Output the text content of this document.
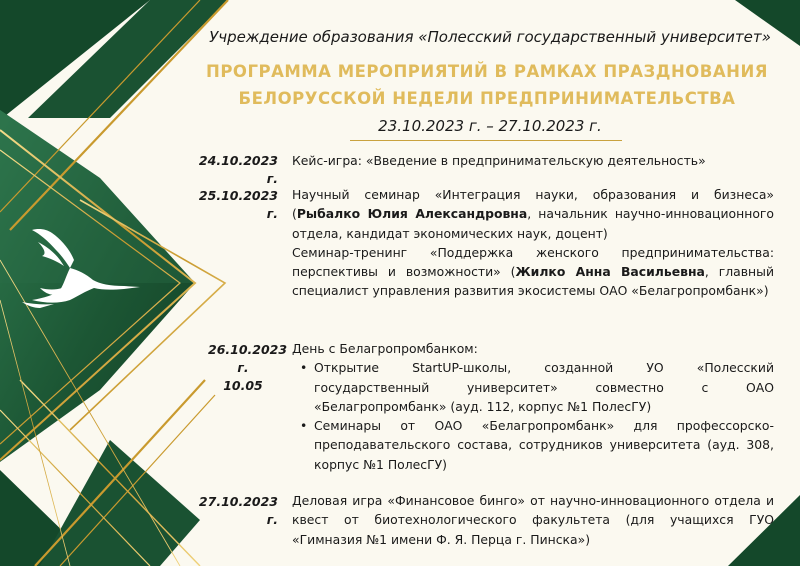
Учреждение образования «Полесский государственный университет»
ПРОГРАММА МЕРОПРИЯТИЙ В РАМКАХ ПРАЗДНОВАНИЯ
БЕЛОРУССКОЙ НЕДЕЛИ ПРЕДПРИНИМАТЕЛЬСТВА
23.10.2023 г. – 27.10.2023 г.
24.10.2023 г.

Кейс-игра: «Введение в предпринимательскую деятельность»

25.10.2023 г.

Научный семинар «Интеграция науки, образования и бизнеса» (Рыбалко Юлия Александровна, начальник научно-инновационного отдела, кандидат экономических наук, доцент)

Семинар-тренинг «Поддержка женского предпринимательства: перспективы и возможности» (Жилко Анна Васильевна, главный специалист управления развития экосистемы ОАО «Белагропромбанк»)

26.10.2023 г.
10.05

День с Белагропромбанком:

• Открытие StartUP-школы, созданной УО «Полесский государственный университет» совместно с ОАО «Белагропромбанк» (ауд. 112, корпус №1 ПолесГУ)
• Семинары от ОАО «Белагропромбанк» для профессорско-преподавательского состава, сотрудников университета (ауд. 308, корпус №1 ПолесГУ)
27.10.2023 г.

Деловая игра «Финансовое бинго» от научно-инновационного отдела и квест от биотехнологического факультета (для учащихся ГУО «Гимназия №1 имени Ф. Я. Перца г. Пинска»)
